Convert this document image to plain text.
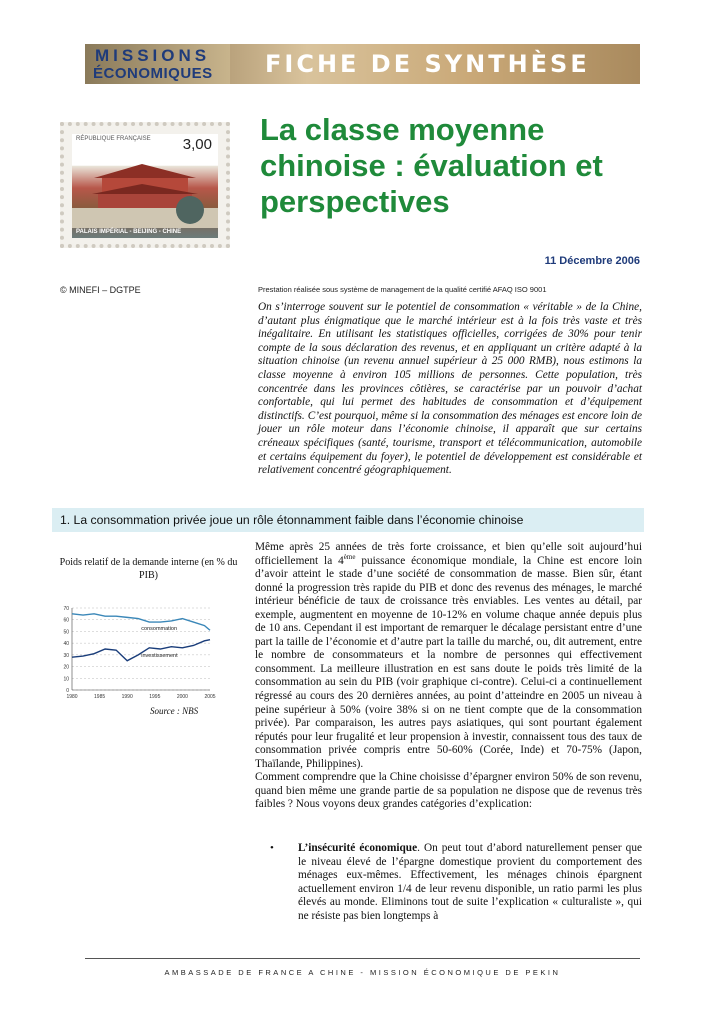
MISSIONS
ÉCONOMIQUES FICHE DE SYNTHÈSE
RÉPUBLIQUE FRANÇAISE 3,00
PALAIS IMPÉRIAL - BEIJING - CHINE
La classe moyenne chinoise : évaluation et perspectives
11 Décembre 2006
© MINEFI – DGTPE	Prestation réalisée sous système de management de la qualité certifié AFAQ ISO 9001

On s’interroge souvent sur le potentiel de consommation « véritable » de la Chine, d’autant plus énigmatique que le marché intérieur est à la fois très vaste et très inégalitaire. En utilisant les statistiques officielles, corrigées de 30% pour tenir compte de la sous déclaration des revenus, et en appliquant un critère adapté à la situation chinoise (un revenu annuel supérieur à 25 000 RMB), nous estimons la classe moyenne à environ 105 millions de personnes. Cette population, très concentrée dans les provinces côtières, se caractérise par un pouvoir d’achat confortable, qui lui permet des habitudes de consommation et d’équipement distinctifs. C’est pourquoi, même si la consommation des ménages est encore loin de jouer un rôle moteur dans l’économie chinoise, il apparaît que sur certains créneaux spécifiques (santé, tourisme, transport et télécommunication, automobile et certains équipement du foyer), le potentiel de développement est considérable et relativement concentré géographiquement.

1. La consommation privée joue un rôle étonnamment faible dans l’économie chinoise
Poids relatif de la demande interne (en % du PIB)
0
10
20
30
40
50
60
70
1980	1985	1990	1995	2000	2005
consommation
investissement
Source : NBS

Même après 25 années de très forte croissance, et bien qu’elle soit aujourd’hui officiellement la 4ème puissance économique mondiale, la Chine est encore loin d’avoir atteint le stade d’une société de consommation de masse. Bien sûr, étant donné la progression très rapide du PIB et donc des revenus des ménages, le marché intérieur bénéficie de taux de croissance très enviables. Les ventes au détail, par exemple, augmentent en moyenne de 10-12% en volume chaque année depuis plus de 10 ans. Cependant il est important de remarquer le décalage persistant entre d’une part la taille de l’économie et d’autre part la taille du marché, ou, dit autrement, entre le nombre de consommateurs et la nombre de personnes qui effectivement consomment. La meilleure illustration en est sans doute le poids très limité de la consommation au sein du PIB (voir graphique ci-contre). Celui-ci a continuellement régressé au cours des 20 dernières années, au point d’atteindre en 2005 un niveau à peine supérieur à 50% (voire 38% si on ne tient compte que de la consommation privée). Par comparaison, les autres pays asiatiques, qui sont pourtant également réputés pour leur frugalité et leur propension à investir, connaissent tous des taux de consommation privée compris entre 50-60% (Corée, Inde) et 70-75% (Japon, Thaïlande, Philippines).
Comment comprendre que la Chine choisisse d’épargner environ 50% de son revenu, quand bien même une grande partie de sa population ne dispose que de revenus très faibles ? Nous voyons deux grandes catégories d’explication:

• L’insécurité économique. On peut tout d’abord naturellement penser que le niveau élevé de l’épargne domestique provient du comportement des ménages eux-mêmes. Effectivement, les ménages chinois épargnent actuellement environ 1/4 de leur revenu disponible, un ratio parmi les plus élevés au monde. Eliminons tout de suite l’explication « culturaliste », qui ne résiste pas bien longtemps à

AMBASSADE DE FRANCE A CHINE - MISSION ÉCONOMIQUE DE PEKIN
